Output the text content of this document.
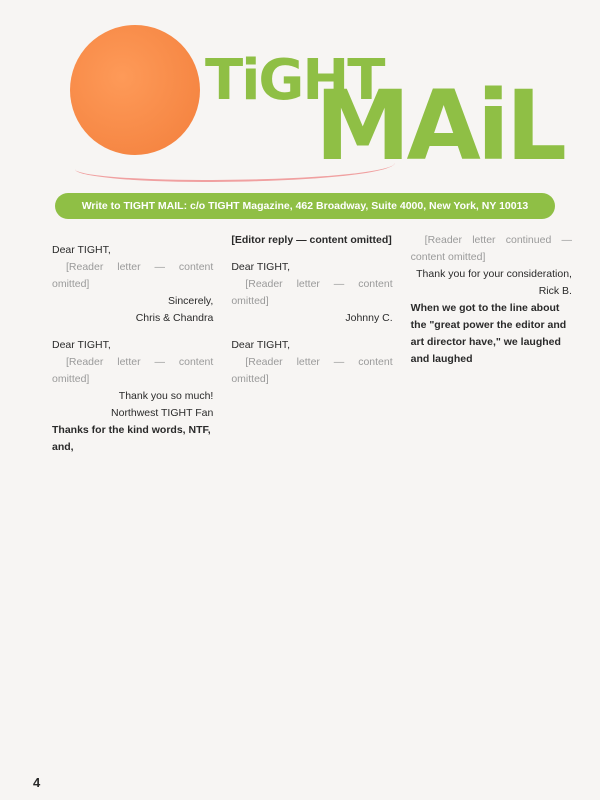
TiGHT
MAiL
Write to TIGHT MAIL: c/o TIGHT Magazine, 462 Broadway, Suite 4000, New York, NY 10013

Dear TIGHT,

[Reader letter — content omitted]

Sincerely,

Chris & Chandra

Dear TIGHT,

[Reader letter — content omitted]

Thank you so much!

Northwest TIGHT Fan

Thanks for the kind words, NTF, and,

[Editor reply — content omitted]

Dear TIGHT,

[Reader letter — content omitted]

Johnny C.

Dear TIGHT,

[Reader letter — content omitted]

[Reader letter continued — content omitted]

Thank you for your consideration,

Rick B.

When we got to the line about the "great power the editor and art director have," we laughed and laughed

4
